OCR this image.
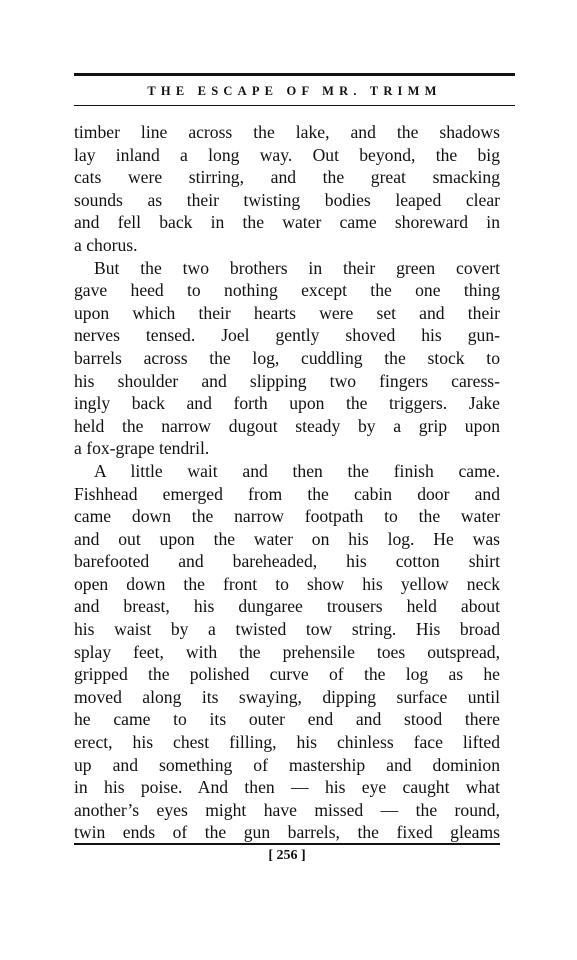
THE ESCAPE OF MR. TRIMM
timber line across the lake, and the shadows
lay inland a long way. Out beyond, the big
cats were stirring, and the great smacking
sounds as their twisting bodies leaped clear
and fell back in the water came shoreward in
a chorus.
But the two brothers in their green covert
gave heed to nothing except the one thing
upon which their hearts were set and their
nerves tensed. Joel gently shoved his gun-
barrels across the log, cuddling the stock to
his shoulder and slipping two fingers caress-
ingly back and forth upon the triggers. Jake
held the narrow dugout steady by a grip upon
a fox-grape tendril.
A little wait and then the finish came.
Fishhead emerged from the cabin door and
came down the narrow footpath to the water
and out upon the water on his log. He was
barefooted and bareheaded, his cotton shirt
open down the front to show his yellow neck
and breast, his dungaree trousers held about
his waist by a twisted tow string. His broad
splay feet, with the prehensile toes outspread,
gripped the polished curve of the log as he
moved along its swaying, dipping surface until
he came to its outer end and stood there
erect, his chest filling, his chinless face lifted
up and something of mastership and dominion
in his poise. And then — his eye caught what
another’s eyes might have missed — the round,
twin ends of the gun barrels, the fixed gleams
[ 256 ]
